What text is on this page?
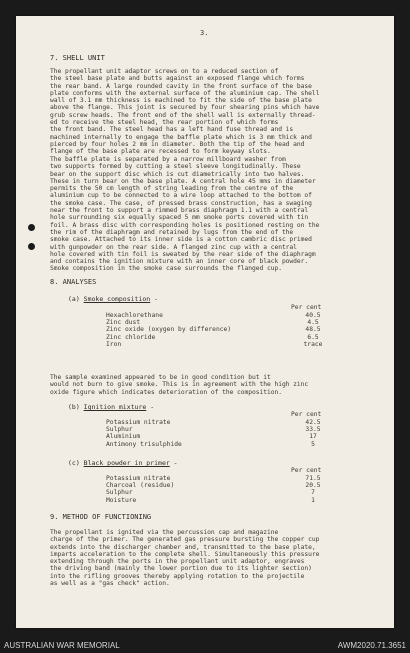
3.
7. SHELL UNIT
The propellant unit adaptor screws on to a reduced section of
the steel base plate and butts against an exposed flange which forms
the rear band. A large rounded cavity in the front surface of the base
plate conforms with the external surface of the aluminium cap. The shell
wall of 3.1 mm thickness is machined to fit the side of the base plate
above the flange. This joint is secured by four shearing pins which have
grub screw heads. The front end of the shell wall is externally thread-
ed to receive the steel head, the rear portion of which forms
the front band. The steel head has a left hand fuse thread and is
machined internally to engage the baffle plate which is 3 mm thick and
pierced by four holes 2 mm in diameter. Both the tip of the head and
flange of the base plate are recessed to form keyway slots.
The baffle plate is separated by a narrow millboard washer from
two supports formed by cutting a steel sleeve longitudinally. These
bear on the support disc which is cut diametrically into two halves.
These in turn bear on the base plate. A central hole 45 mms in diameter
permits the 50 cm length of string leading from the centre of the
aluminium cup to be connected to a wire loop attached to the bottom of
the smoke case. The case, of pressed brass construction, has a swaging
near the front to support a rimmed brass diaphragm 1.1 with a central
hole surrounding six equally spaced 5 mm smoke ports covered with tin
foil. A brass disc with corresponding holes is positioned resting on the
the rim of the diaphragm and retained by lugs from the end of the
smoke case. Attached to its inner side is a cotton cambric disc primed
with gunpowder on the rear side. A flanged zinc cup with a central
hole covered with tin foil is sweated by the rear side of the diaphragm
and contains the ignition mixture with an inner core of black powder.
Smoke composition in the smoke case surrounds the flanged cup.
8. ANALYSES
(a) Smoke composition -
Per cent
Hexachlorethane	40.5
Zinc dust	4.5
Zinc oxide (oxygen by difference)	48.5
Zinc chloride	6.5
Iron	trace
The sample examined appeared to be in good condition but it
would not burn to give smoke. This is in agreement with the high zinc
oxide figure which indicates deterioration of the composition.
(b) Ignition mixture -
Per cent
Potassium nitrate	42.5
Sulphur	33.5
Aluminium	17
Antimony trisulphide	5
(c) Black powder in primer -
Per cent
Potassium nitrate	71.5
Charcoal (residue)	20.5
Sulphur	7
Moisture	1
9. METHOD OF FUNCTIONING
The propellant is ignited via the percussion cap and magazine
charge of the primer. The generated gas pressure bursting the copper cup
extends into the discharger chamber and, transmitted to the base plate,
imparts acceleration to the complete shell. Simultaneously this pressure
extending through the ports in the propellant unit adaptor, engraves
the driving band (mainly the lower portion due to its lighter section)
into the rifling grooves thereby applying rotation to the projectile
as well as a "gas check" action.
AUSTRALIAN WAR MEMORIAL	AWM2020.71.3651
